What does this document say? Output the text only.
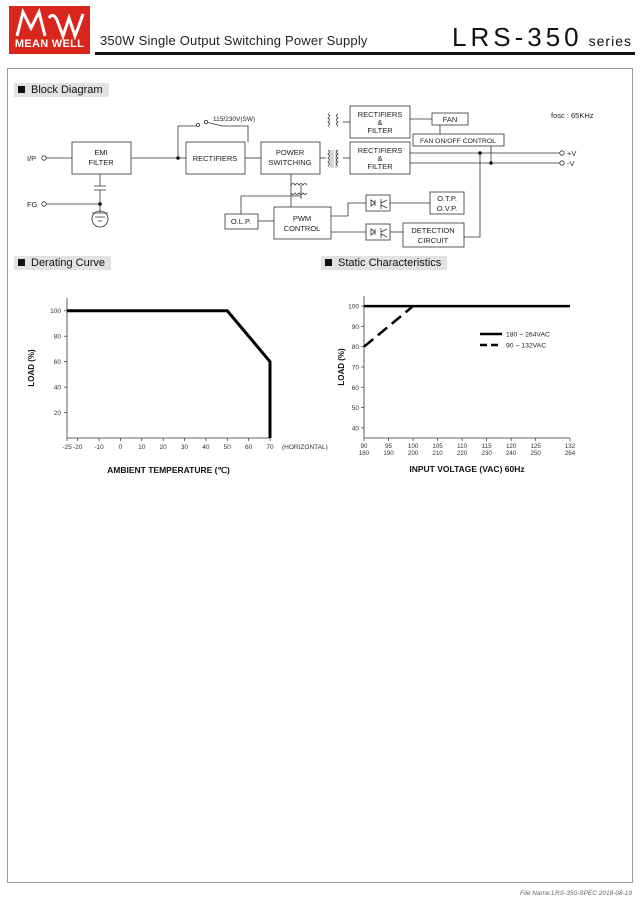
MEAN WELL	350W Single Output Switching Power Supply	LRS-350 series
Block Diagram
Derating Curve	Static Characteristics
fosc : 65KHz
I/P
FG
115/230V(SW)
EMI
FILTER	RECTIFIERS
POWER
SWITCHING
RECTIFIERS
&
FILTER
RECTIFIERS
&
FILTER
FAN
FAN ON/OFF CONTROL
+V
-V
O.L.P.	PWM
CONTROL
O.T.P.
O.V.P.
DETECTION
CIRCUIT
20
40
60
80
100
-25 -20 -10 0 10 20 30 40 50 60 70 (HORIZONTAL)
LOAD (%)
AMBIENT TEMPERATURE (℃)
40
50
60
70
80
90
100
90
180
95
190
100
200
105
210
110
220
115
230
120
240
125
250
132
264
180 ~ 264VAC
90 ~ 132VAC
LOAD (%)
INPUT VOLTAGE (VAC) 60Hz
File Name:LRS-350-SPEC 2018-08-19
